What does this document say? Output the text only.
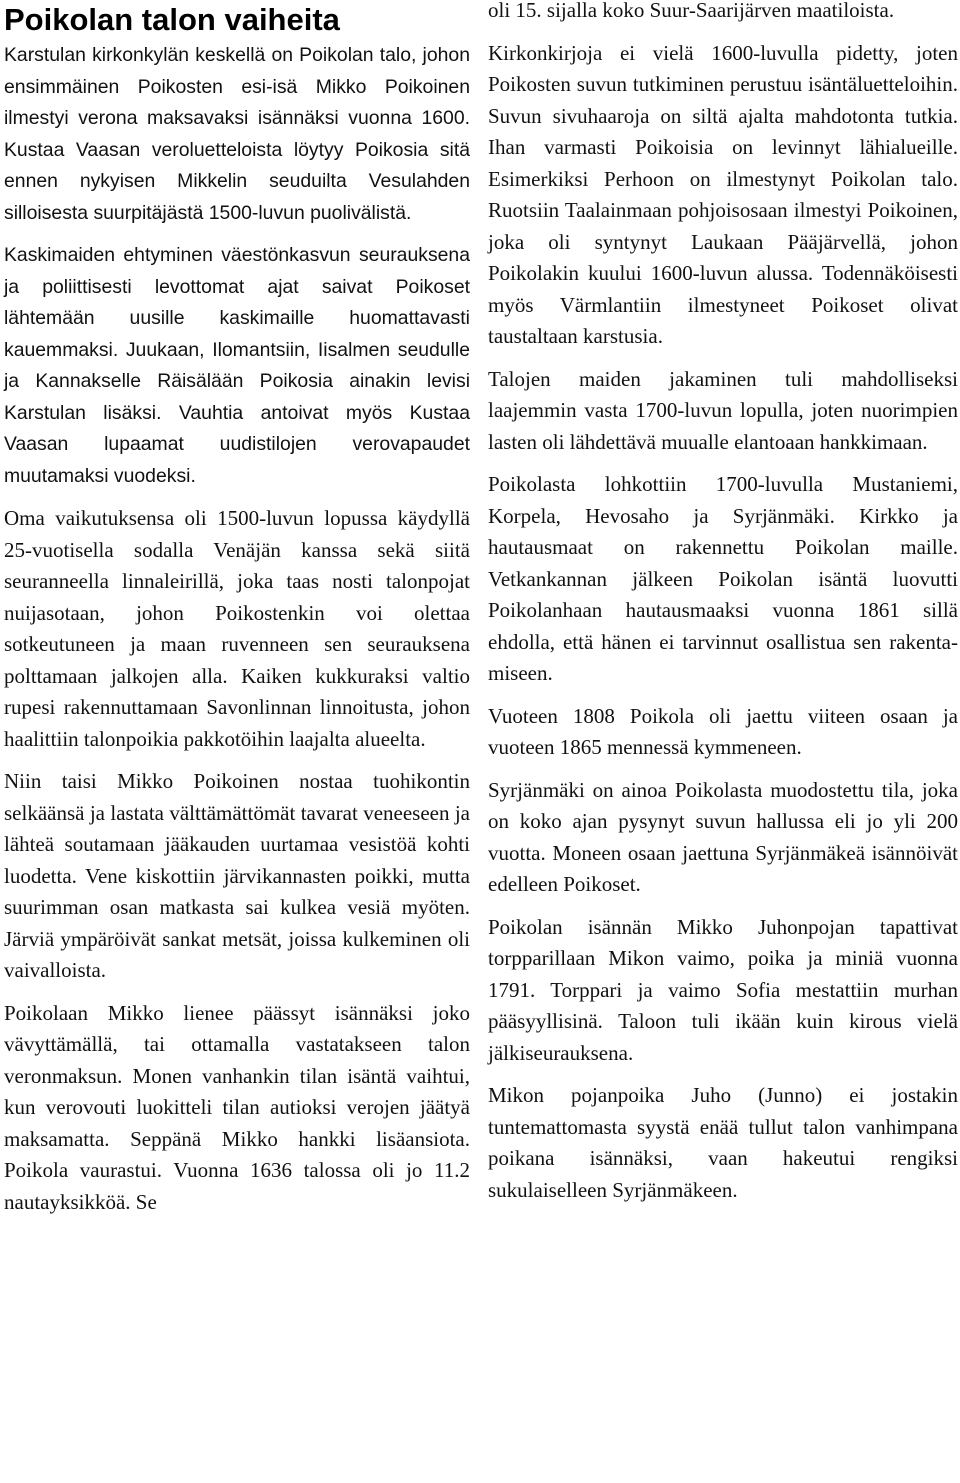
Poikolan talon vaiheita

Karstulan kirkonkylän keskellä on Poikolan talo, johon ensimmäinen Poikosten esi-isä Mikko Poikoinen ilmestyi verona maksavaksi isännäksi vuonna 1600. Kustaa Vaasan veroluetteloista löytyy Poikosia sitä ennen nykyisen Mikkelin seuduilta Vesulahden silloisesta suurpitäjästä 1500-luvun puolivälistä.

Kaskimaiden ehtyminen väestönkasvun seurauksena ja poliittisesti levottomat ajat saivat Poikoset lähtemään uusille kaskimaille huomattavasti kauemmaksi. Juukaan, Ilomantsiin, Iisalmen seudulle ja Kannakselle Räisälään Poikosia ainakin levisi Karstulan lisäksi. Vauhtia antoivat myös Kustaa Vaasan lupaamat uudistilojen verovapaudet muutamaksi vuodeksi.

Oma vaikutuksensa oli 1500-luvun lopussa käydyllä 25-vuotisella sodalla Venäjän kanssa sekä siitä seuranneella linnaleirillä, joka taas nosti talonpojat nuijasotaan, johon Poikostenkin voi olettaa sotkeutuneen ja maan ruvenneen sen seurauksena polttamaan jalkojen alla. Kaiken kukkuraksi valtio rupesi rakennuttamaan Savonlinnan linnoitusta, johon haalittiin talonpoikia pakkotöihin laajalta alueelta.

Niin taisi Mikko Poikoinen nostaa tuohikontin selkäänsä ja lastata välttämättömät tavarat veneeseen ja lähteä soutamaan jääkauden uurtamaa vesistöä kohti luodetta. Vene kiskottiin järvikannasten poikki, mutta suurimman osan matkasta sai kulkea vesiä myöten. Järviä ympäröivät sankat metsät, joissa kulkeminen oli vaivalloista.

Poikolaan Mikko lienee päässyt isännäksi joko vävyttämällä, tai ottamalla vastatakseen talon veronmaksun. Monen vanhankin tilan isäntä vaihtui, kun verovouti luokitteli tilan autioksi verojen jäätyä maksamatta. Seppänä Mikko hankki lisäansiota. Poikola vaurastui. Vuonna 1636 talossa oli jo 11.2 nautayksikköä. Se

oli 15. sijalla koko Suur-Saarijärven maatiloista.

Kirkonkirjoja ei vielä 1600-luvulla pidetty, joten Poikosten suvun tutkiminen perustuu isäntäluetteloihin. Suvun sivuhaaroja on siltä ajalta mahdotonta tutkia. Ihan varmasti Poikoisia on levinnyt lähialueille. Esimerkiksi Perhoon on ilmestynyt Poikolan talo. Ruotsiin Taalainmaan pohjoisosaan ilmestyi Poikoinen, joka oli syntynyt Laukaan Pääjärvellä, johon Poikolakin kuului 1600-luvun alussa. Todennäköisesti myös Värmlantiin ilmestyneet Poikoset olivat taustaltaan karstusia.

Talojen maiden jakaminen tuli mahdolliseksi laajemmin vasta 1700-luvun lopulla, joten nuorimpien lasten oli lähdettävä muualle elantoaan hankkimaan.

Poikolasta lohkottiin 1700-luvulla Mustaniemi, Korpela, Hevosaho ja Syrjänmäki. Kirkko ja hautausmaat on rakennettu Poikolan maille. Vetkankannan jälkeen Poikolan isäntä luovutti Poikolanhaan hautausmaaksi vuonna 1861 sillä ehdolla, että hänen ei tarvinnut osallistua sen rakentamiseen.

Vuoteen 1808 Poikola oli jaettu viiteen osaan ja vuoteen 1865 mennessä kymmeneen.

Syrjänmäki on ainoa Poikolasta muodostettu tila, joka on koko ajan pysynyt suvun hallussa eli jo yli 200 vuotta. Moneen osaan jaettuna Syrjänmäkeä isännöivät edelleen Poikoset.

Poikolan isännän Mikko Juhonpojan tapattivat torpparillaan Mikon vaimo, poika ja miniä vuonna 1791. Torppari ja vaimo Sofia mestattiin murhan pääsyyllisinä. Taloon tuli ikään kuin kirous vielä jälkiseurauksena.

Mikon pojanpoika Juho (Junno) ei jostakin tuntemattomasta syystä enää tullut talon vanhimpana poikana isännäksi, vaan hakeutui rengiksi sukulaiselleen Syrjänmäkeen.
